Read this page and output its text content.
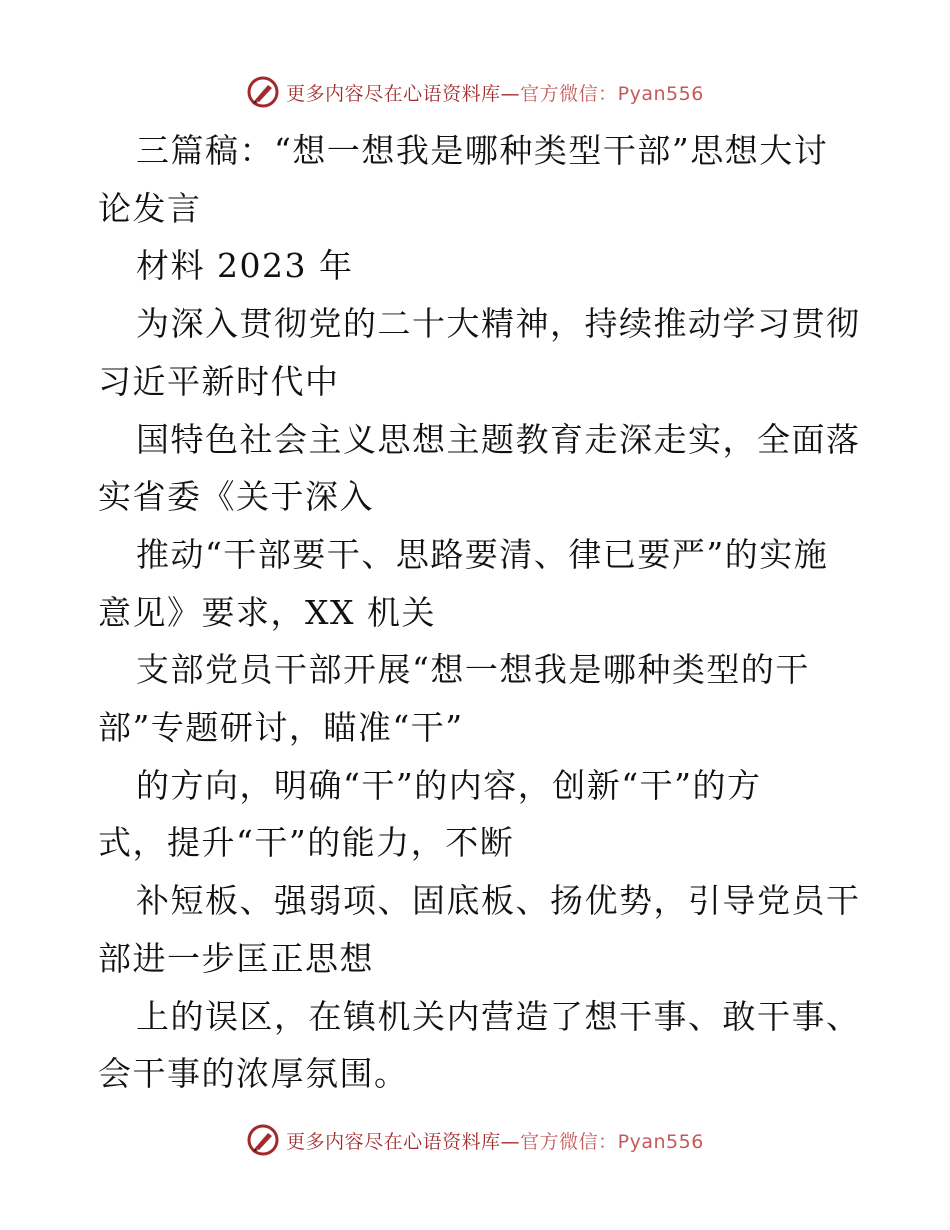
更多内容尽在心语资料库—官方微信：Pyan556

三篇稿：“想一想我是哪种类型干部”思想大讨
论发言

材料 2023 年

为深入贯彻党的二十大精神，持续推动学习贯彻
习近平新时代中

国特色社会主义思想主题教育走深走实，全面落
实省委《关于深入

推动“干部要干、思路要清、律已要严”的实施
意见》要求，XX 机关

支部党员干部开展“想一想我是哪种类型的干
部”专题研讨，瞄准“干”

的方向，明确“干”的内容，创新“干”的方
式，提升“干”的能力，不断

补短板、强弱项、固底板、扬优势，引导党员干
部进一步匡正思想

上的误区，在镇机关内营造了想干事、敢干事、
会干事的浓厚氛围。

更多内容尽在心语资料库—官方微信：Pyan556
